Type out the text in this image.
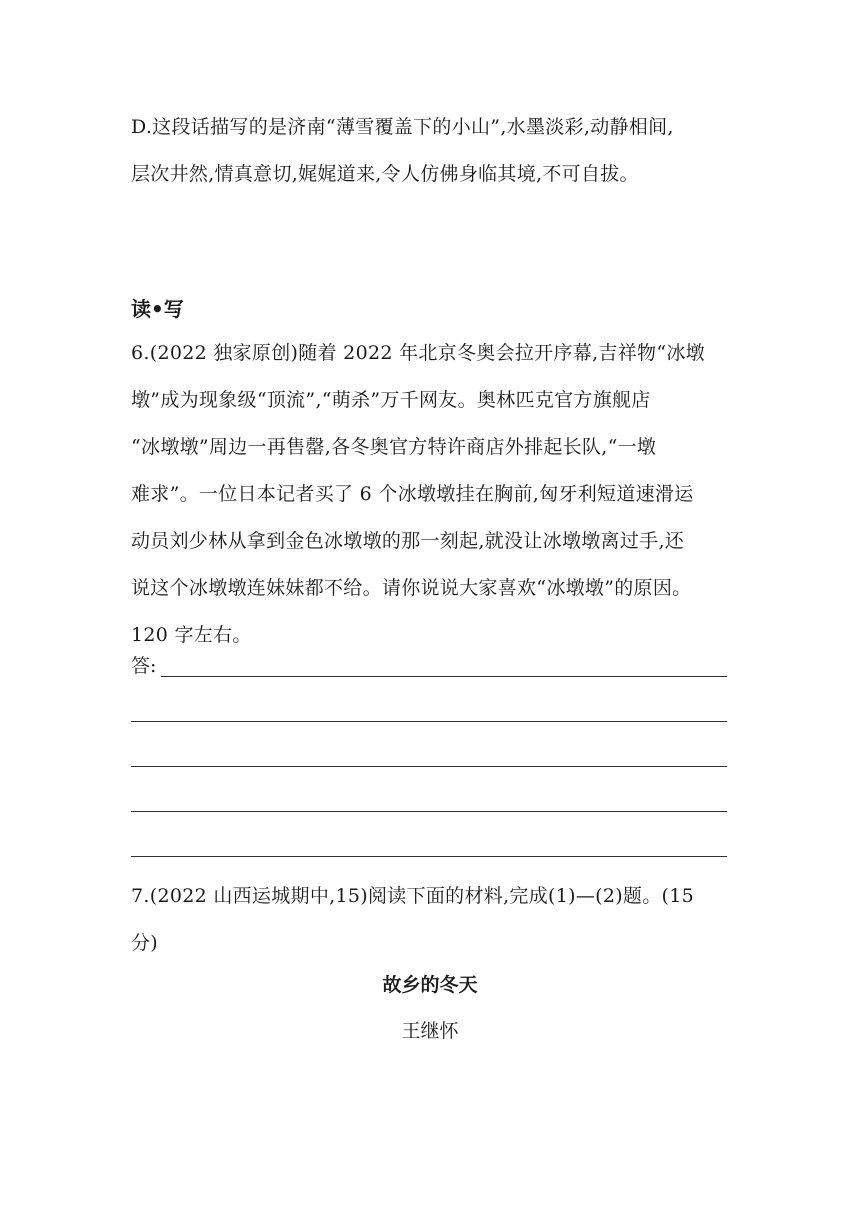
D.这段话描写的是济南“薄雪覆盖下的小山”,水墨淡彩,动静相间,
层次井然,情真意切,娓娓道来,令人仿佛身临其境,不可自拔。

读•写

6.(2022 独家原创)随着 2022 年北京冬奥会拉开序幕,吉祥物“冰墩
墩”成为现象级“顶流”,“萌杀”万千网友。奥林匹克官方旗舰店
“冰墩墩”周边一再售罄,各冬奥官方特许商店外排起长队,“一墩
难求”。一位日本记者买了 6 个冰墩墩挂在胸前,匈牙利短道速滑运
动员刘少林从拿到金色冰墩墩的那一刻起,就没让冰墩墩离过手,还
说这个冰墩墩连妹妹都不给。请你说说大家喜欢“冰墩墩”的原因。
120 字左右。

答:

7.(2022 山西运城期中,15)阅读下面的材料,完成(1)—(2)题。(15
分)

故乡的冬天

王继怀
